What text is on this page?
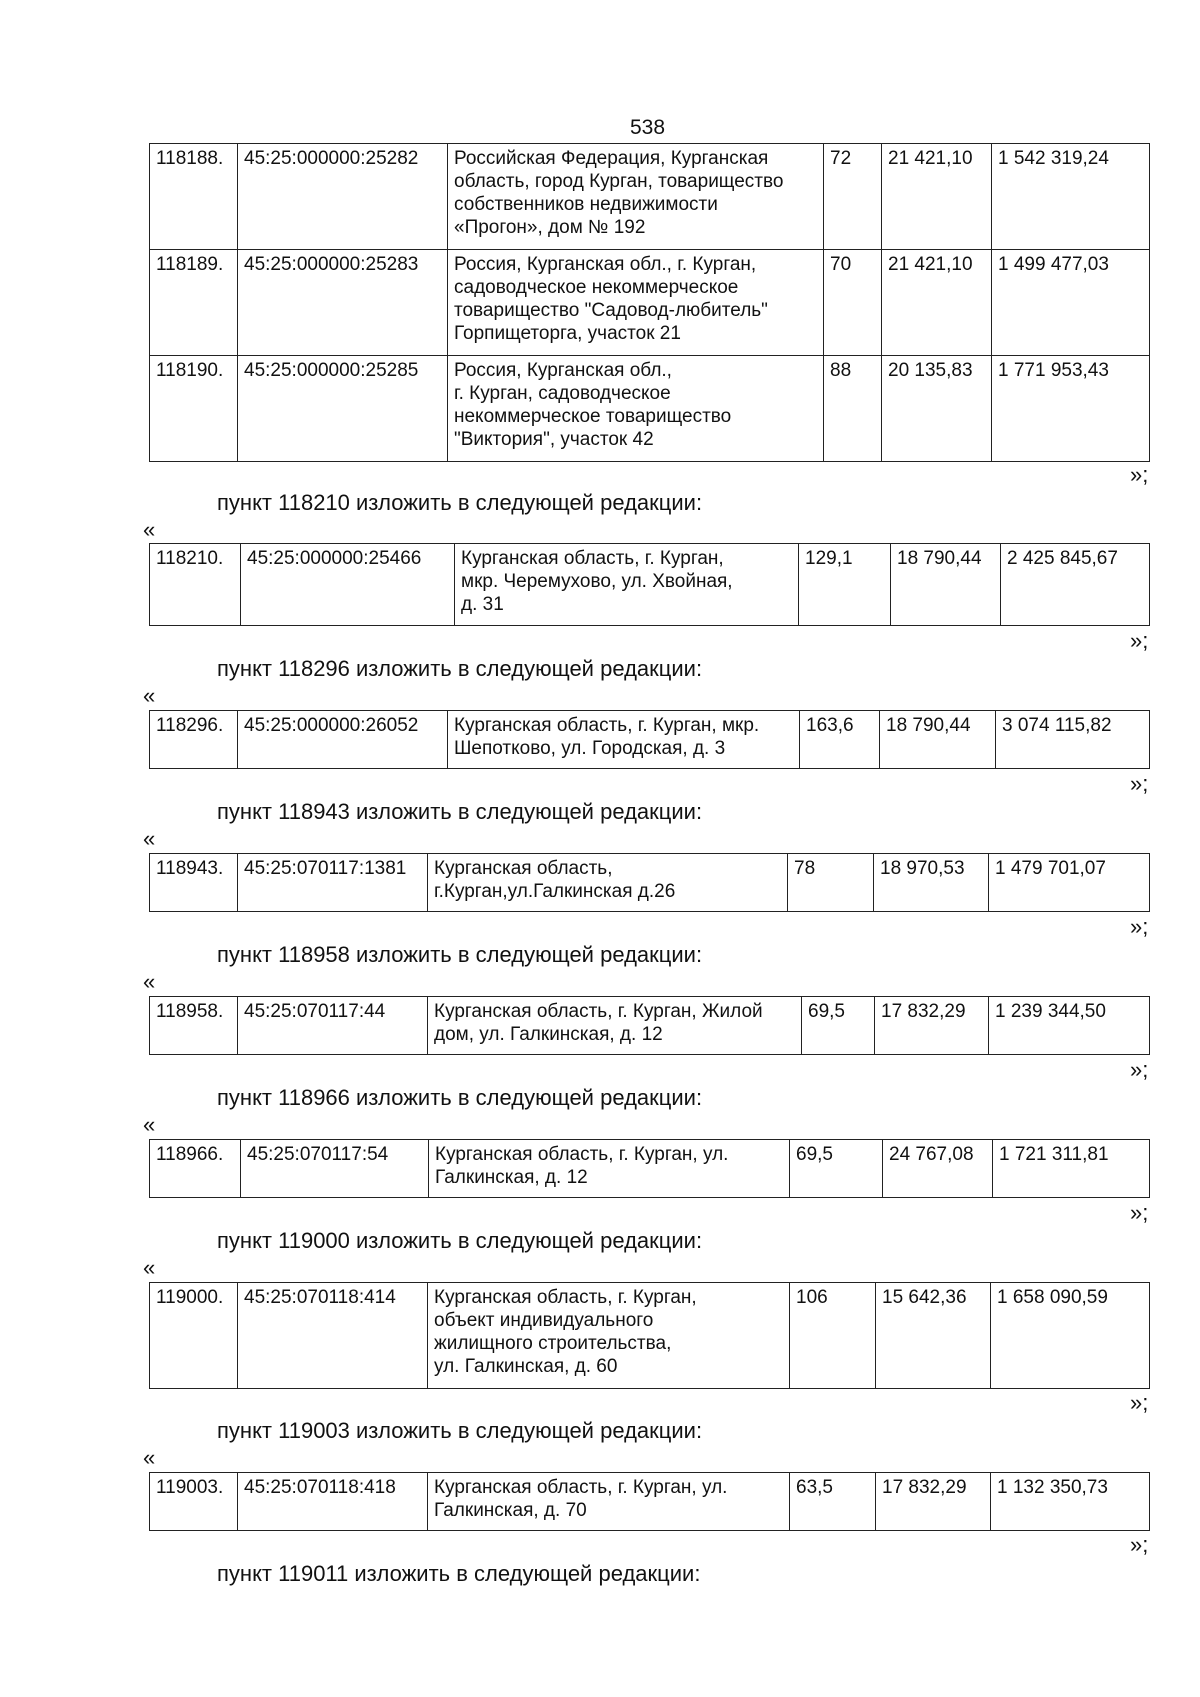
538
118188.	45:25:000000:25282	Российская Федерация, Курганская
область, город Курган, товарищество
собственников недвижимости
«Прогон», дом № 192	72	21 421,10	1 542 319,24
118189.	45:25:000000:25283	Россия, Курганская обл., г. Курган,
садоводческое некоммерческое
товарищество "Садовод-любитель"
Горпищеторга, участок 21	70	21 421,10	1 499 477,03
118190.	45:25:000000:25285	Россия, Курганская обл.,
г. Курган, садоводческое
некоммерческое товарищество
"Виктория", участок 42	88	20 135,83	1 771 953,43
»;
пункт 118210 изложить в следующей редакции:
«
118210.	45:25:000000:25466	Курганская область, г. Курган,
мкр. Черемухово, ул. Хвойная,
д. 31	129,1	18 790,44	2 425 845,67
»;
пункт 118296 изложить в следующей редакции:
«
118296.	45:25:000000:26052	Курганская область, г. Курган, мкр.
Шепотково, ул. Городская, д. 3	163,6	18 790,44	3 074 115,82
»;
пункт 118943 изложить в следующей редакции:
«
118943.	45:25:070117:1381	Курганская область,
г.Курган,ул.Галкинская д.26	78	18 970,53	1 479 701,07
»;
пункт 118958 изложить в следующей редакции:
«
118958.	45:25:070117:44	Курганская область, г. Курган, Жилой
дом, ул. Галкинская, д. 12	69,5	17 832,29	1 239 344,50
»;
пункт 118966 изложить в следующей редакции:
«
118966.	45:25:070117:54	Курганская область, г. Курган, ул.
Галкинская, д. 12	69,5	24 767,08	1 721 311,81
»;
пункт 119000 изложить в следующей редакции:
«
119000.	45:25:070118:414	Курганская область, г. Курган,
объект индивидуального
жилищного строительства,
ул. Галкинская, д. 60	106	15 642,36	1 658 090,59
»;
пункт 119003 изложить в следующей редакции:
«
119003.	45:25:070118:418	Курганская область, г. Курган, ул.
Галкинская, д. 70	63,5	17 832,29	1 132 350,73
»;
пункт 119011 изложить в следующей редакции:
